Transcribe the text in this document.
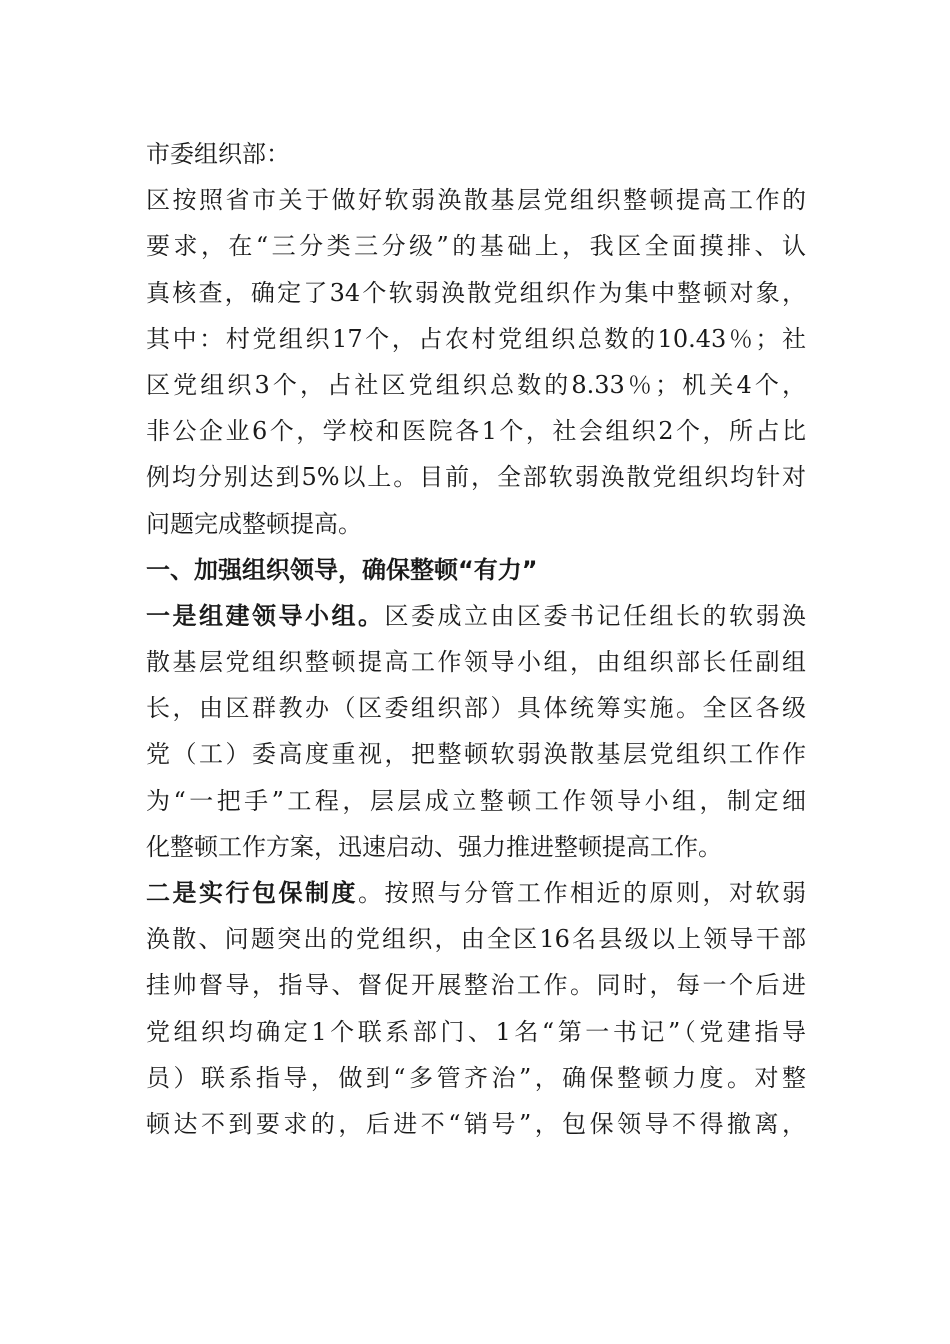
市委组织部：
区按照省市关于做好软弱涣散基层党组织整顿提高工作的
要求，在“三分类三分级”的基础上，我区全面摸排、认
真核查，确定了34个软弱涣散党组织作为集中整顿对象，
其中：村党组织17个，占农村党组织总数的10.43％；社
区党组织3个，占社区党组织总数的8.33％；机关4个，
非公企业6个，学校和医院各1个，社会组织2个，所占比
例均分别达到5%以上。目前，全部软弱涣散党组织均针对
问题完成整顿提高。
一、加强组织领导，确保整顿“有力”
一是组建领导小组。区委成立由区委书记任组长的软弱涣
散基层党组织整顿提高工作领导小组，由组织部长任副组
长，由区群教办（区委组织部）具体统筹实施。全区各级
党（工）委高度重视，把整顿软弱涣散基层党组织工作作
为“一把手”工程，层层成立整顿工作领导小组，制定细
化整顿工作方案，迅速启动、强力推进整顿提高工作。
二是实行包保制度。按照与分管工作相近的原则，对软弱
涣散、问题突出的党组织，由全区16名县级以上领导干部
挂帅督导，指导、督促开展整治工作。同时，每一个后进
党组织均确定1个联系部门、1名“第一书记”（党建指导
员）联系指导，做到“多管齐治”，确保整顿力度。对整
顿达不到要求的，后进不“销号”，包保领导不得撤离，
